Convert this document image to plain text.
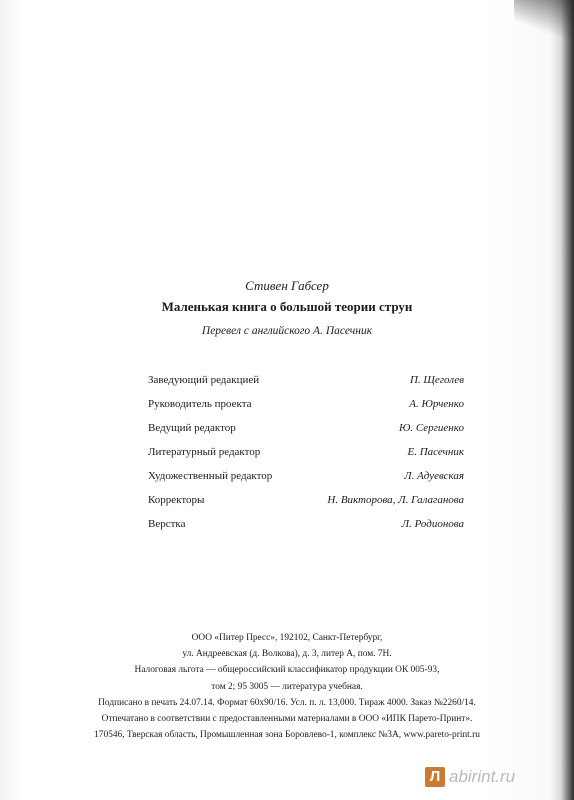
Стивен Габсер
Маленькая книга о большой теории струн
Перевел с английского А. Пасечник
Заведующий редакцией	П. Щеголев
Руководитель проекта	А. Юрченко
Ведущий редактор	Ю. Сергиенко
Литературный редактор	Е. Пасечник
Художественный редактор	Л. Адуевская
Корректоры	Н. Викторова, Л. Галаганова
Верстка	Л. Родионова
ООО «Питер Пресс», 192102, Санкт-Петербург,
ул. Андреевская (д. Волкова), д. 3, литер А, пом. 7Н.
Налоговая льгота — общероссийский классификатор продукции ОК 005-93,
том 2; 95 3005 — литература учебная.
Подписано в печать 24.07.14. Формат 60х90/16. Усл. п. л. 13,000. Тираж 4000. Заказ №2260/14.
Отпечатано в соответствии с предоставленными материалами в ООО «ИПК Парето-Принт».
170546, Тверская область, Промышленная зона Боровлево-1, комплекс №3А, www.pareto-print.ru
Л abirint.ru
